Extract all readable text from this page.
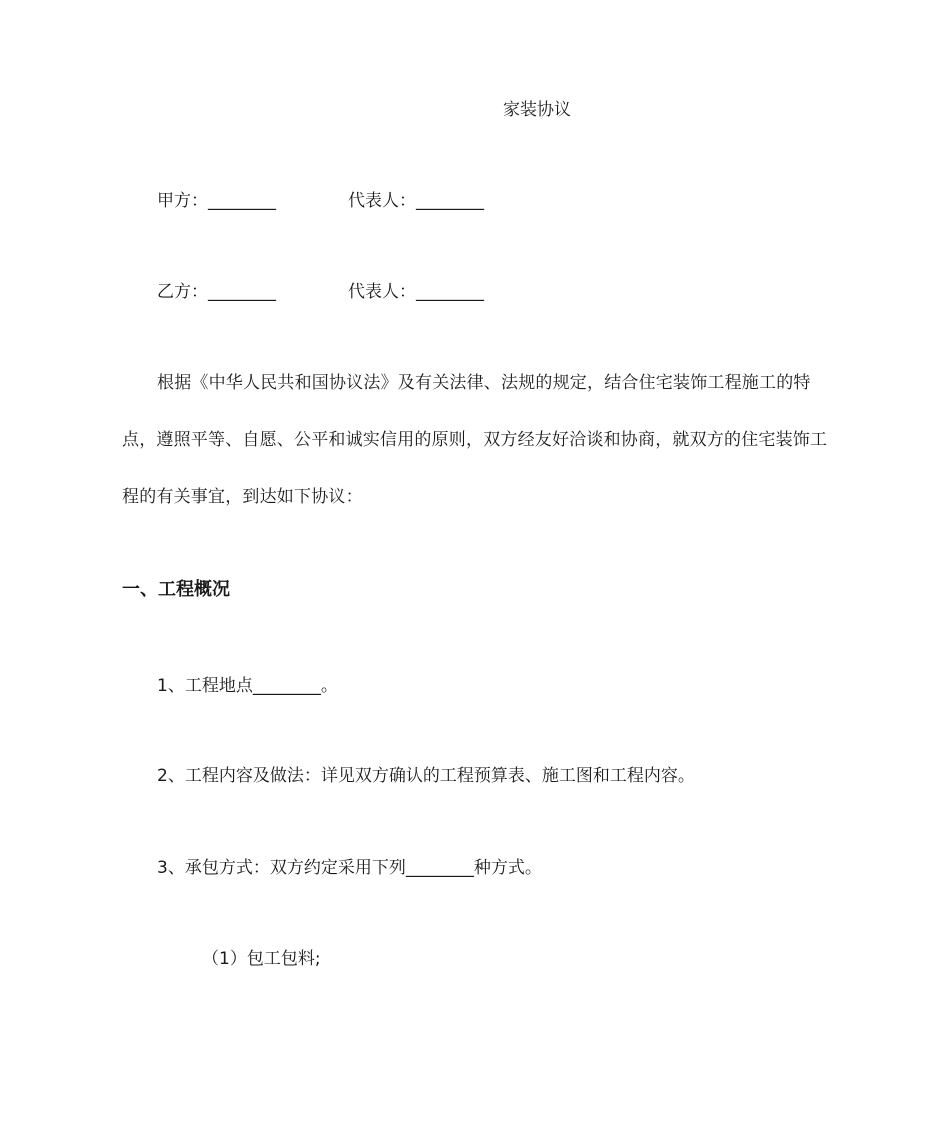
家装协议
甲方：________	代表人：________
乙方：________	代表人：________
根据《中华人民共和国协议法》及有关法律、法规的规定，结合住宅装饰工程施工的特点，遵照平等、自愿、公平和诚实信用的原则，双方经友好洽谈和协商，就双方的住宅装饰工程的有关事宜，到达如下协议：
一、工程概况
1、工程地点________。
2、工程内容及做法：详见双方确认的工程预算表、施工图和工程内容。
3、承包方式：双方约定采用下列________种方式。
（1）包工包料;
